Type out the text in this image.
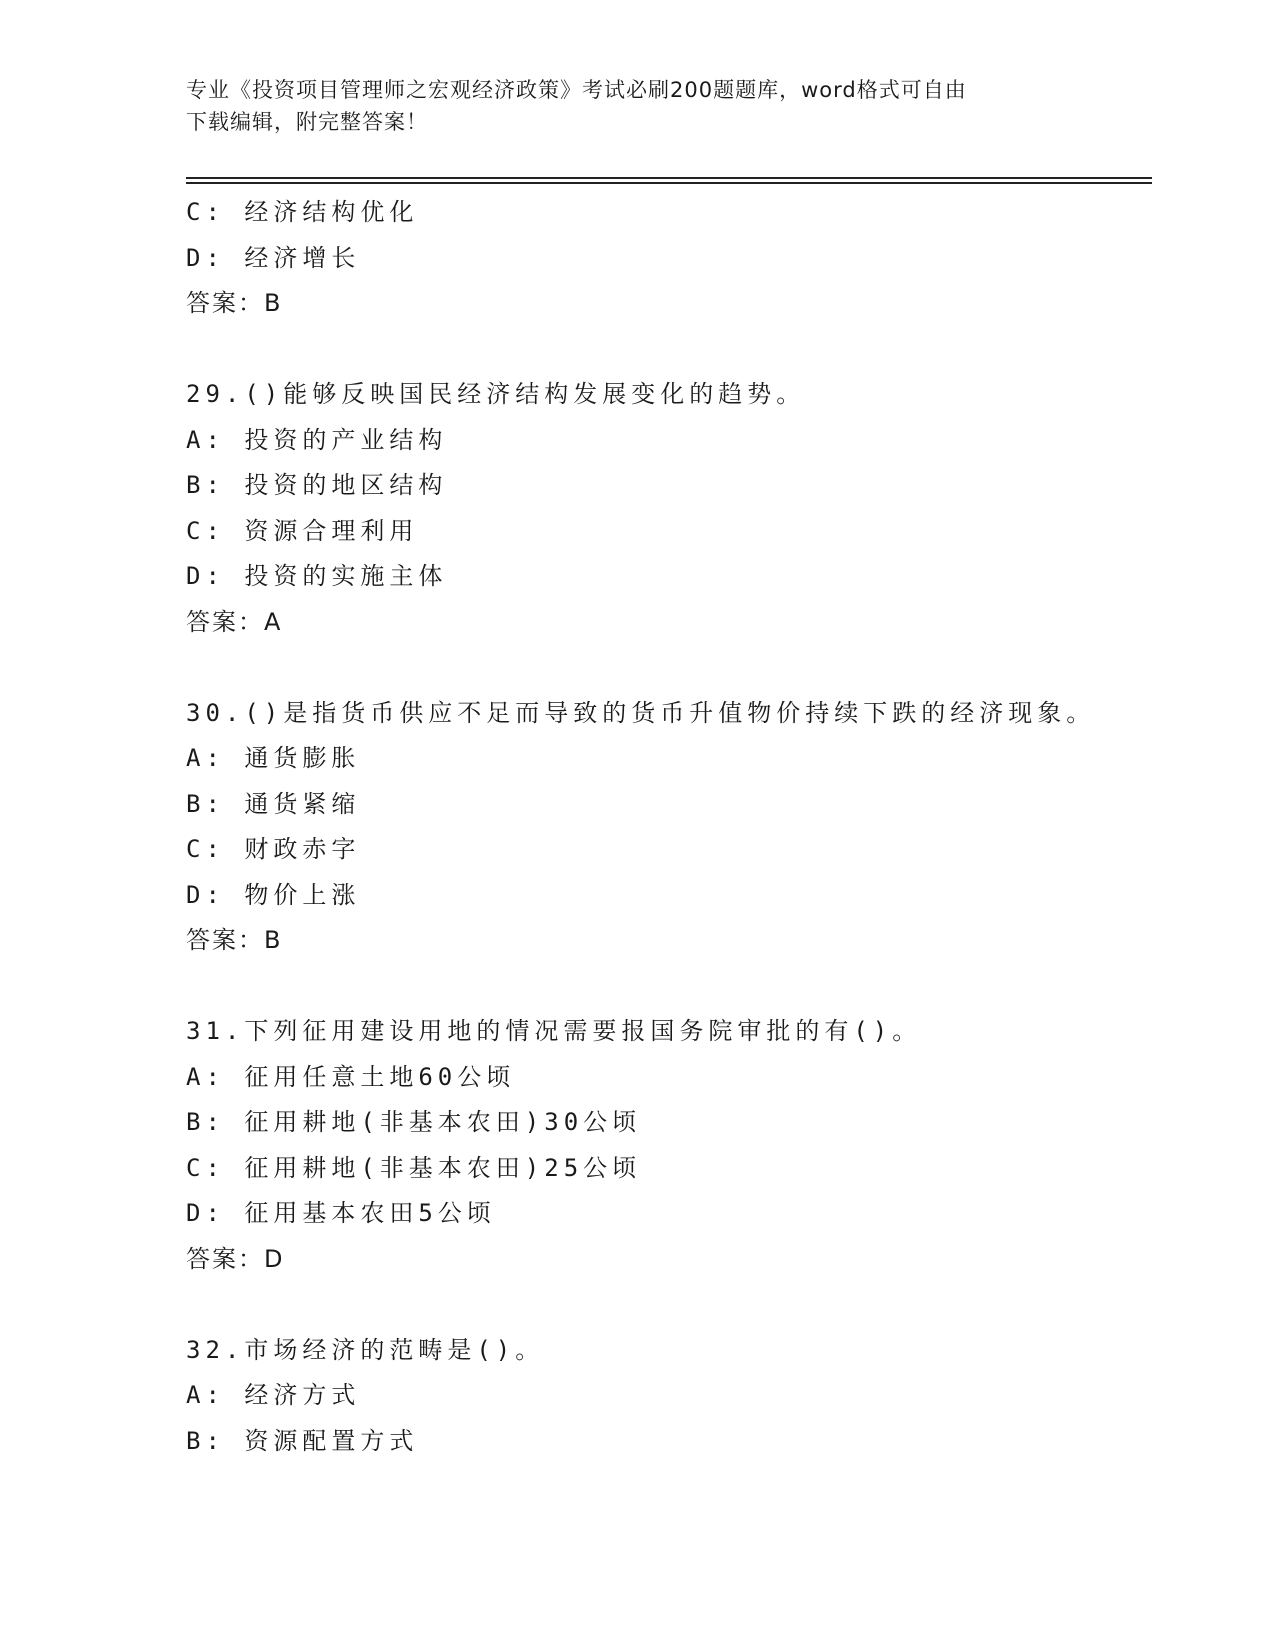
专业《投资项目管理师之宏观经济政策》考试必刷200题题库，word格式可自由
下载编辑，附完整答案！
C: 经济结构优化
D: 经济增长
答案：B
29.()能够反映国民经济结构发展变化的趋势。
A: 投资的产业结构
B: 投资的地区结构
C: 资源合理利用
D: 投资的实施主体
答案：A
30.()是指货币供应不足而导致的货币升值物价持续下跌的经济现象。
A: 通货膨胀
B: 通货紧缩
C: 财政赤字
D: 物价上涨
答案：B
31.下列征用建设用地的情况需要报国务院审批的有()。
A: 征用任意土地60公顷
B: 征用耕地(非基本农田)30公顷
C: 征用耕地(非基本农田)25公顷
D: 征用基本农田5公顷
答案：D
32.市场经济的范畴是()。
A: 经济方式
B: 资源配置方式
